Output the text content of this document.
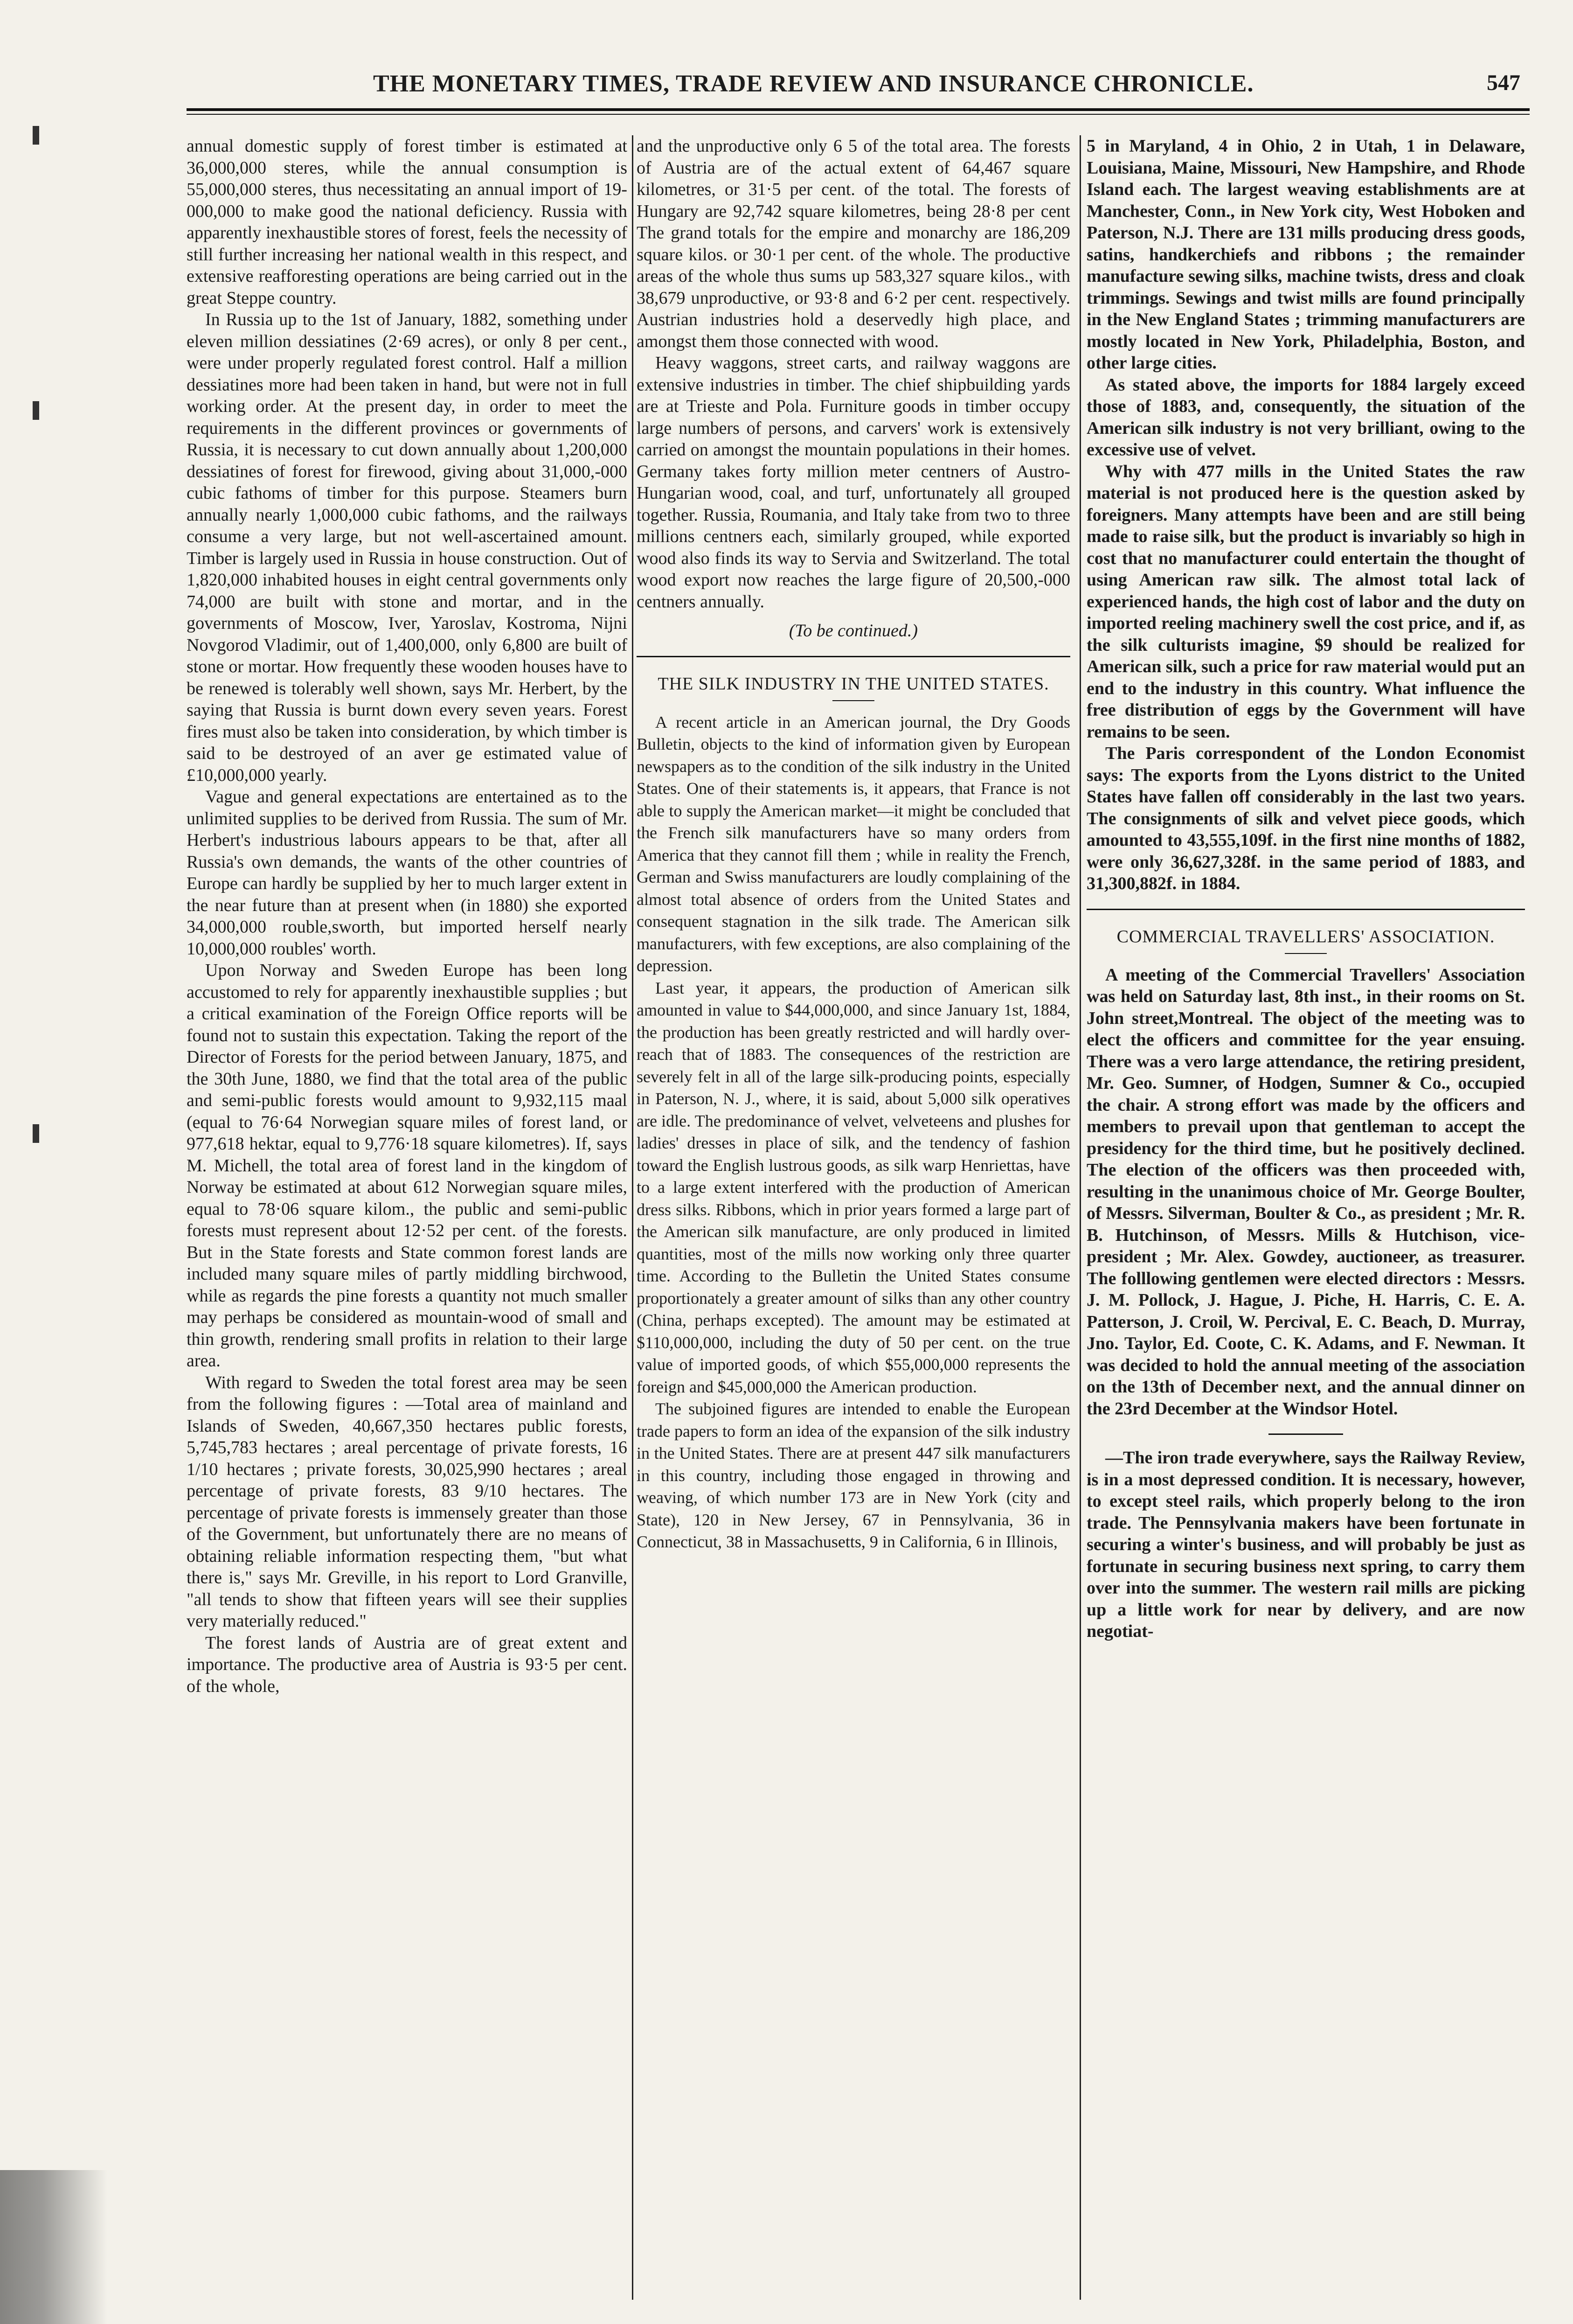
THE MONETARY TIMES, TRADE REVIEW AND INSURANCE CHRONICLE.	547

annual domestic supply of forest timber is estimated at 36,000,000 steres, while the annual consumption is 55,000,000 steres, thus necessitating an annual import of 19-000,000 to make good the national deficiency. Russia with apparently inexhaustible stores of forest, feels the necessity of still further increasing her national wealth in this respect, and extensive reafforesting operations are being carried out in the great Steppe country.

In Russia up to the 1st of January, 1882, something under eleven million dessiatines (2·69 acres), or only 8 per cent., were under properly regulated forest control. Half a million dessiatines more had been taken in hand, but were not in full working order. At the present day, in order to meet the requirements in the different provinces or governments of Russia, it is necessary to cut down annually about 1,200,000 dessiatines of forest for firewood, giving about 31,000,-000 cubic fathoms of timber for this purpose. Steamers burn annually nearly 1,000,000 cubic fathoms, and the railways consume a very large, but not well-ascertained amount. Timber is largely used in Russia in house construction. Out of 1,820,000 inhabited houses in eight central governments only 74,000 are built with stone and mortar, and in the governments of Moscow, Iver, Yaroslav, Kostroma, Nijni Novgorod Vladimir, out of 1,400,000, only 6,800 are built of stone or mortar. How frequently these wooden houses have to be renewed is tolerably well shown, says Mr. Herbert, by the saying that Russia is burnt down every seven years. Forest fires must also be taken into consideration, by which timber is said to be destroyed of an aver ge estimated value of £10,000,000 yearly.

Vague and general expectations are entertained as to the unlimited supplies to be derived from Russia. The sum of Mr. Herbert's industrious labours appears to be that, after all Russia's own demands, the wants of the other countries of Europe can hardly be supplied by her to much larger extent in the near future than at present when (in 1880) she exported 34,000,000 rouble,sworth, but imported herself nearly 10,000,000 roubles' worth.

Upon Norway and Sweden Europe has been long accustomed to rely for apparently inexhaustible supplies ; but a critical examination of the Foreign Office reports will be found not to sustain this expectation. Taking the report of the Director of Forests for the period between January, 1875, and the 30th June, 1880, we find that the total area of the public and semi-public forests would amount to 9,932,115 maal (equal to 76·64 Norwegian square miles of forest land, or 977,618 hektar, equal to 9,776·18 square kilometres). If, says M. Michell, the total area of forest land in the kingdom of Norway be estimated at about 612 Norwegian square miles, equal to 78·06 square kilom., the public and semi-public forests must represent about 12·52 per cent. of the forests. But in the State forests and State common forest lands are included many square miles of partly middling birchwood, while as regards the pine forests a quantity not much smaller may perhaps be considered as mountain-wood of small and thin growth, rendering small profits in relation to their large area.

With regard to Sweden the total forest area may be seen from the following figures : —Total area of mainland and Islands of Sweden, 40,667,350 hectares public forests, 5,745,783 hectares ; areal percentage of private forests, 16 1/10 hectares ; private forests, 30,025,990 hectares ; areal percentage of private forests, 83 9/10 hectares. The percentage of private forests is immensely greater than those of the Government, but unfortunately there are no means of obtaining reliable information respecting them, "but what there is," says Mr. Greville, in his report to Lord Granville, "all tends to show that fifteen years will see their supplies very materially reduced."

The forest lands of Austria are of great extent and importance. The productive area of Austria is 93·5 per cent. of the whole,

and the unproductive only 6 5 of the total area. The forests of Austria are of the actual extent of 64,467 square kilometres, or 31·5 per cent. of the total. The forests of Hungary are 92,742 square kilometres, being 28·8 per cent The grand totals for the empire and monarchy are 186,209 square kilos. or 30·1 per cent. of the whole. The productive areas of the whole thus sums up 583,327 square kilos., with 38,679 unproductive, or 93·8 and 6·2 per cent. respectively. Austrian industries hold a deservedly high place, and amongst them those connected with wood.

Heavy waggons, street carts, and railway waggons are extensive industries in timber. The chief shipbuilding yards are at Trieste and Pola. Furniture goods in timber occupy large numbers of persons, and carvers' work is extensively carried on amongst the mountain populations in their homes. Germany takes forty million meter centners of Austro-Hungarian wood, coal, and turf, unfortunately all grouped together. Russia, Roumania, and Italy take from two to three millions centners each, similarly grouped, while exported wood also finds its way to Servia and Switzerland. The total wood export now reaches the large figure of 20,500,-000 centners annually.

(To be continued.)

THE SILK INDUSTRY IN THE UNITED STATES.

A recent article in an American journal, the Dry Goods Bulletin, objects to the kind of information given by European newspapers as to the condition of the silk industry in the United States. One of their statements is, it appears, that France is not able to supply the American market—it might be concluded that the French silk manufacturers have so many orders from America that they cannot fill them ; while in reality the French, German and Swiss manufacturers are loudly complaining of the almost total absence of orders from the United States and consequent stagnation in the silk trade. The American silk manufacturers, with few exceptions, are also complaining of the depression.

Last year, it appears, the production of American silk amounted in value to $44,000,000, and since January 1st, 1884, the production has been greatly restricted and will hardly over-reach that of 1883. The consequences of the restriction are severely felt in all of the large silk-producing points, especially in Paterson, N. J., where, it is said, about 5,000 silk operatives are idle. The predominance of velvet, velveteens and plushes for ladies' dresses in place of silk, and the tendency of fashion toward the English lustrous goods, as silk warp Henriettas, have to a large extent interfered with the production of American dress silks. Ribbons, which in prior years formed a large part of the American silk manufacture, are only produced in limited quantities, most of the mills now working only three quarter time. According to the Bulletin the United States consume proportionately a greater amount of silks than any other country (China, perhaps excepted). The amount may be estimated at $110,000,000, including the duty of 50 per cent. on the true value of imported goods, of which $55,000,000 represents the foreign and $45,000,000 the American production.

The subjoined figures are intended to enable the European trade papers to form an idea of the expansion of the silk industry in the United States. There are at present 447 silk manufacturers in this country, including those engaged in throwing and weaving, of which number 173 are in New York (city and State), 120 in New Jersey, 67 in Pennsylvania, 36 in Connecticut, 38 in Massachusetts, 9 in California, 6 in Illinois,

5 in Maryland, 4 in Ohio, 2 in Utah, 1 in Delaware, Louisiana, Maine, Missouri, New Hampshire, and Rhode Island each. The largest weaving establishments are at Manchester, Conn., in New York city, West Hoboken and Paterson, N.J. There are 131 mills producing dress goods, satins, handkerchiefs and ribbons ; the remainder manufacture sewing silks, machine twists, dress and cloak trimmings. Sewings and twist mills are found principally in the New England States ; trimming manufacturers are mostly located in New York, Philadelphia, Boston, and other large cities.

As stated above, the imports for 1884 largely exceed those of 1883, and, consequently, the situation of the American silk industry is not very brilliant, owing to the excessive use of velvet.

Why with 477 mills in the United States the raw material is not produced here is the question asked by foreigners. Many attempts have been and are still being made to raise silk, but the product is invariably so high in cost that no manufacturer could entertain the thought of using American raw silk. The almost total lack of experienced hands, the high cost of labor and the duty on imported reeling machinery swell the cost price, and if, as the silk culturists imagine, $9 should be realized for American silk, such a price for raw material would put an end to the industry in this country. What influence the free distribution of eggs by the Government will have remains to be seen.

The Paris correspondent of the London Economist says: The exports from the Lyons district to the United States have fallen off considerably in the last two years. The consignments of silk and velvet piece goods, which amounted to 43,555,109f. in the first nine months of 1882, were only 36,627,328f. in the same period of 1883, and 31,300,882f. in 1884.

COMMERCIAL TRAVELLERS' ASSOCIATION.

A meeting of the Commercial Travellers' Association was held on Saturday last, 8th inst., in their rooms on St. John street,Montreal. The object of the meeting was to elect the officers and committee for the year ensuing. There was a vero large attendance, the retiring president, Mr. Geo. Sumner, of Hodgen, Sumner & Co., occupied the chair. A strong effort was made by the officers and members to prevail upon that gentleman to accept the presidency for the third time, but he positively declined. The election of the officers was then proceeded with, resulting in the unanimous choice of Mr. George Boulter, of Messrs. Silverman, Boulter & Co., as president ; Mr. R. B. Hutchinson, of Messrs. Mills & Hutchison, vice-president ; Mr. Alex. Gowdey, auctioneer, as treasurer. The folllowing gentlemen were elected directors : Messrs. J. M. Pollock, J. Hague, J. Piche, H. Harris, C. E. A. Patterson, J. Croil, W. Percival, E. C. Beach, D. Murray, Jno. Taylor, Ed. Coote, C. K. Adams, and F. Newman. It was decided to hold the annual meeting of the association on the 13th of December next, and the annual dinner on the 23rd December at the Windsor Hotel.

—The iron trade everywhere, says the Railway Review, is in a most depressed condition. It is necessary, however, to except steel rails, which properly belong to the iron trade. The Pennsylvania makers have been fortunate in securing a winter's business, and will probably be just as fortunate in securing business next spring, to carry them over into the summer. The western rail mills are picking up a little work for near by delivery, and are now negotiat-
